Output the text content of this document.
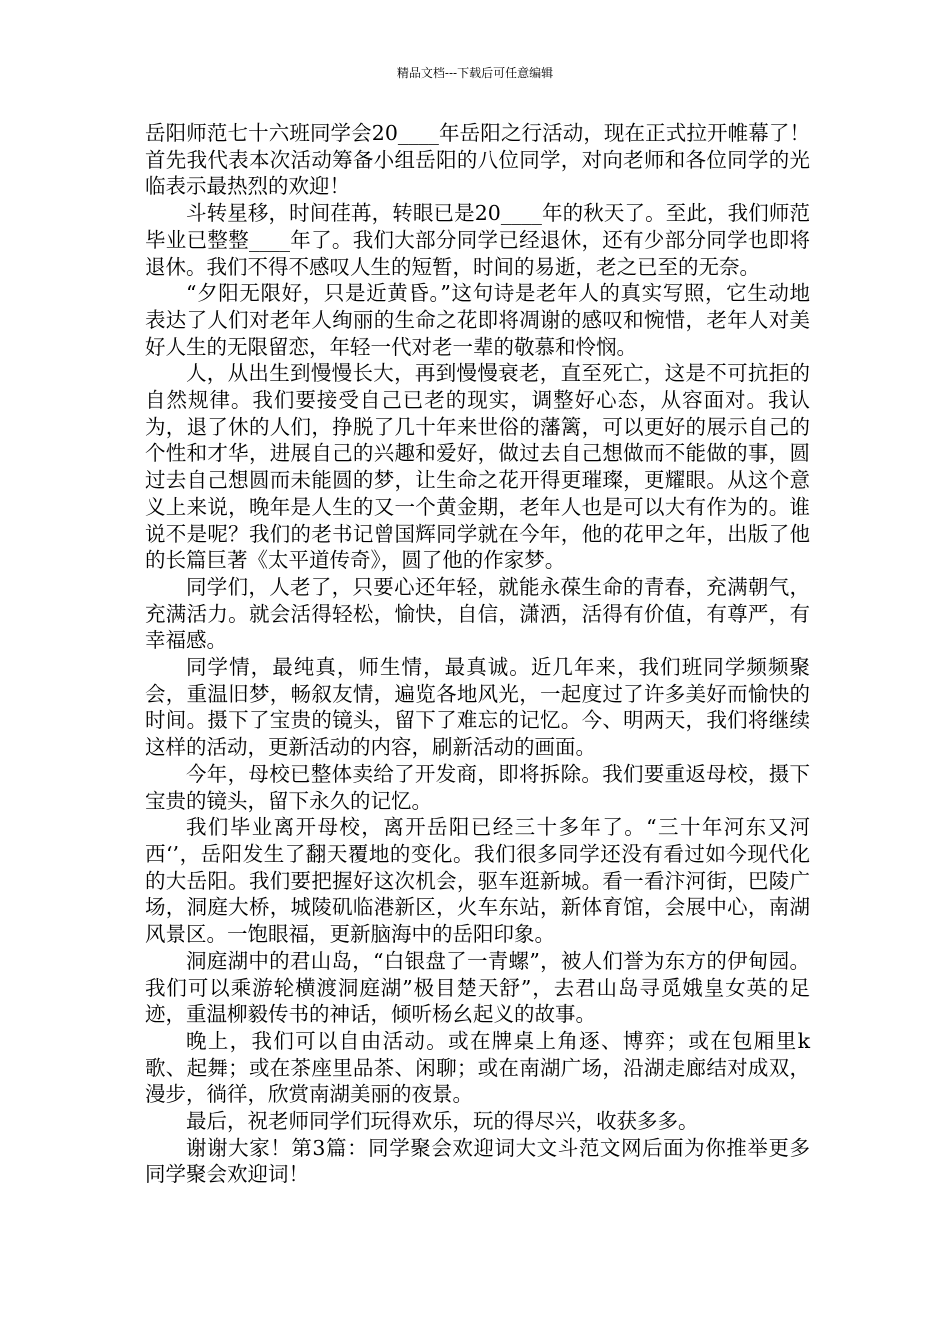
精品文档---下载后可任意编辑

岳阳师范七十六班同学会20____年岳阳之行活动，现在正式拉开帷幕了！首先我代表本次活动筹备小组岳阳的八位同学，对向老师和各位同学的光临表示最热烈的欢迎！

斗转星移，时间荏苒，转眼已是20____年的秋天了。至此，我们师范毕业已整整____年了。我们大部分同学已经退休，还有少部分同学也即将退休。我们不得不感叹人生的短暂，时间的易逝，老之已至的无奈。

“夕阳无限好，只是近黄昏。”这句诗是老年人的真实写照，它生动地表达了人们对老年人绚丽的生命之花即将凋谢的感叹和惋惜，老年人对美好人生的无限留恋，年轻一代对老一辈的敬慕和怜悯。

人，从出生到慢慢长大，再到慢慢衰老，直至死亡，这是不可抗拒的自然规律。我们要接受自己已老的现实，调整好心态，从容面对。我认为，退了休的人们，挣脱了几十年来世俗的藩篱，可以更好的展示自己的个性和才华，进展自己的兴趣和爱好，做过去自己想做而不能做的事，圆过去自己想圆而未能圆的梦，让生命之花开得更璀璨，更耀眼。从这个意义上来说，晚年是人生的又一个黄金期，老年人也是可以大有作为的。谁说不是呢？我们的老书记曾国辉同学就在今年，他的花甲之年，出版了他的长篇巨著《太平道传奇》，圆了他的作家梦。

同学们，人老了，只要心还年轻，就能永葆生命的青春，充满朝气，充满活力。就会活得轻松，愉快，自信，潇洒，活得有价值，有尊严，有幸福感。

同学情，最纯真，师生情，最真诚。近几年来，我们班同学频频聚会，重温旧梦，畅叙友情，遍览各地风光，一起度过了许多美好而愉快的时间。摄下了宝贵的镜头，留下了难忘的记忆。今、明两天，我们将继续这样的活动，更新活动的内容，刷新活动的画面。

今年，母校已整体卖给了开发商，即将拆除。我们要重返母校，摄下宝贵的镜头，留下永久的记忆。

我们毕业离开母校，离开岳阳已经三十多年了。“三十年河东又河西‘’，岳阳发生了翻天覆地的变化。我们很多同学还没有看过如今现代化的大岳阳。我们要把握好这次机会，驱车逛新城。看一看汴河街，巴陵广场，洞庭大桥，城陵矶临港新区，火车东站，新体育馆，会展中心，南湖风景区。一饱眼福，更新脑海中的岳阳印象。

洞庭湖中的君山岛，“白银盘了一青螺”，被人们誉为东方的伊甸园。我们可以乘游轮横渡洞庭湖”极目楚天舒”，去君山岛寻觅娥皇女英的足迹，重温柳毅传书的神话，倾听杨幺起义的故事。

晚上，我们可以自由活动。或在牌桌上角逐、博弈；或在包厢里k歌、起舞；或在茶座里品茶、闲聊；或在南湖广场，沿湖走廊结对成双，漫步，徜徉，欣赏南湖美丽的夜景。

最后，祝老师同学们玩得欢乐，玩的得尽兴，收获多多。

谢谢大家！第3篇：同学聚会欢迎词大文斗范文网后面为你推举更多同学聚会欢迎词！
